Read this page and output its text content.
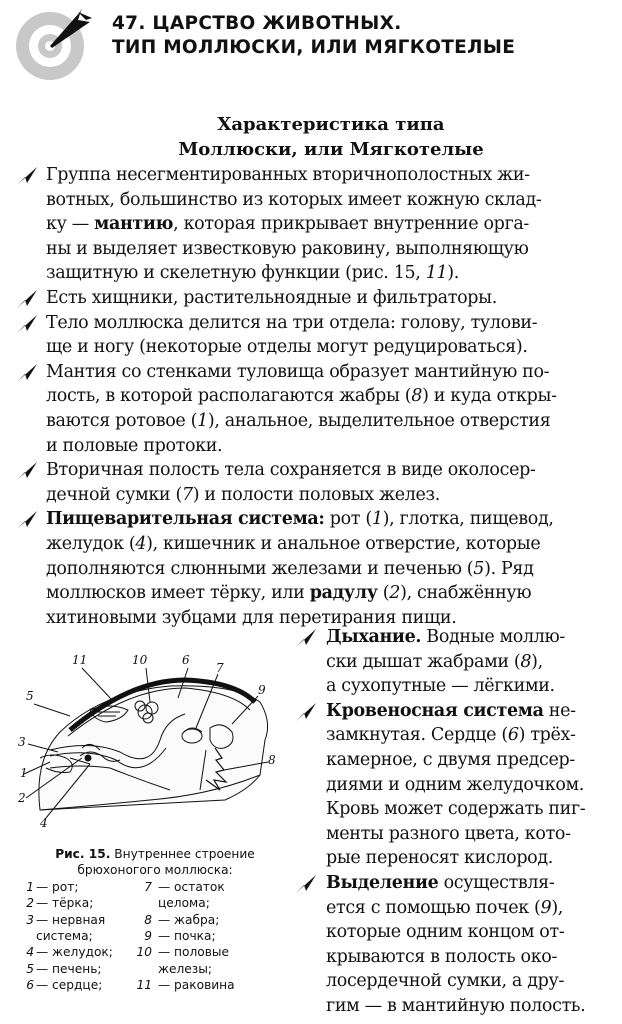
47. ЦАРСТВО ЖИВОТНЫХ.
ТИП МОЛЛЮСКИ, ИЛИ МЯГКОТЕЛЫЕ
Характеристика типа
Моллюски, или Мягкотелые
Группа несегментированных вторичнополостных жи-
вотных, большинство из которых имеет кожную склад-
ку — мантию, которая прикрывает внутренние орга-
ны и выделяет известковую раковину, выполняющую
защитную и скелетную функции (рис. 15, 11).
Есть хищники, растительноядные и фильтраторы.
Тело моллюска делится на три отдела: голову, тулови-
ще и ногу (некоторые отделы могут редуцироваться).
Мантия со стенками туловища образует мантийную по-
лость, в которой располагаются жабры (8) и куда откры-
ваются ротовое (1), анальное, выделительное отверстия
и половые протоки.
Вторичная полость тела сохраняется в виде околосер-
дечной сумки (7) и полости половых желез.
Пищеварительная система: рот (1), глотка, пищевод,
желудок (4), кишечник и анальное отверстие, которые
дополняются слюнными железами и печенью (5). Ряд
моллюсков имеет тёрку, или радулу (2), снабжённую
хитиновыми зубцами для перетирания пищи.
1
2
3
4
5
6
7
8
9
10
11
Рис. 15. Внутреннее строение
брюхоногого моллюска:
1 — рот;
2 — тёрка;
3 — нервная
система;
4 — желудок;
5 — печень;
6 — сердце;
7 — остаток
целома;
8 — жабра;
9 — почка;
10 — половые
железы;
11 — раковина
Дыхание. Водные моллю-
ски дышат жабрами (8),
а сухопутные — лёгкими.
Кровеносная система не-
замкнутая. Сердце (6) трёх-
камерное, с двумя предсер-
диями и одним желудочком.
Кровь может содержать пиг-
менты разного цвета, кото-
рые переносят кислород.
Выделение осуществля-
ется с помощью почек (9),
которые одним концом от-
крываются в полость око-
лосердечной сумки, а дру-
гим — в мантийную полость.
